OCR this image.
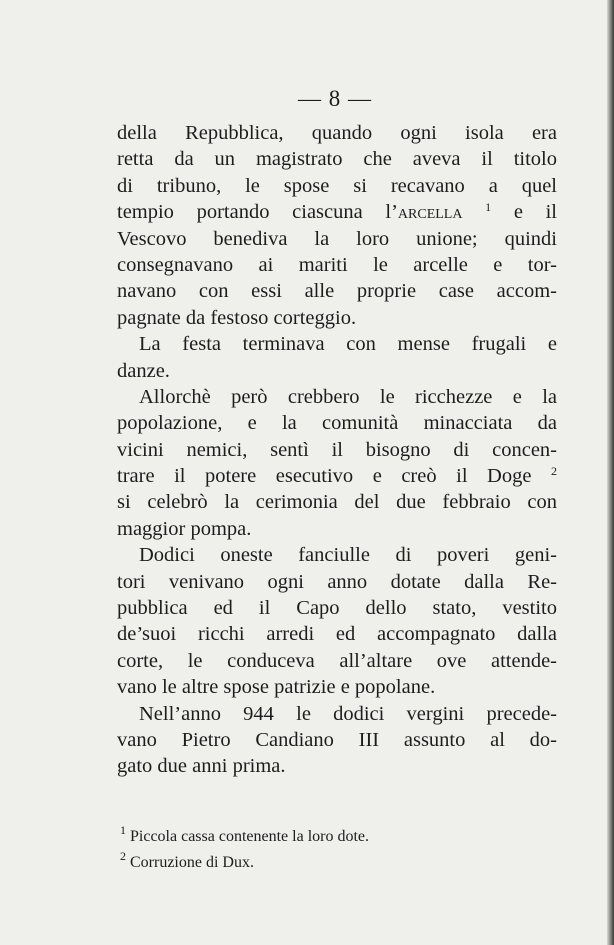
— 8 —
della Repubblica, quando ogni isola era
retta da un magistrato che aveva il titolo
di tribuno, le spose si recavano a quel
tempio portando ciascuna l’arcella $^1$ e il
Vescovo benediva la loro unione; quindi
consegnavano ai mariti le arcelle e tor-
navano con essi alle proprie case accom-
pagnate da festoso corteggio.
La festa terminava con mense frugali e
danze.
Allorchè però crebbero le ricchezze e la
popolazione, e la comunità minacciata da
vicini nemici, sentì il bisogno di concen-
trare il potere esecutivo e creò il Doge $^2$
si celebrò la cerimonia del due febbraio con
maggior pompa.
Dodici oneste fanciulle di poveri geni-
tori venivano ogni anno dotate dalla Re-
pubblica ed il Capo dello stato, vestito
de’suoi ricchi arredi ed accompagnato dalla
corte, le conduceva all’altare ove attende-
vano le altre spose patrizie e popolane.
Nell’anno 944 le dodici vergini precede-
vano Pietro Candiano III assunto al do-
gato due anni prima.
$^1$ Piccola cassa contenente la loro dote.
$^2$ Corruzione di Dux.
